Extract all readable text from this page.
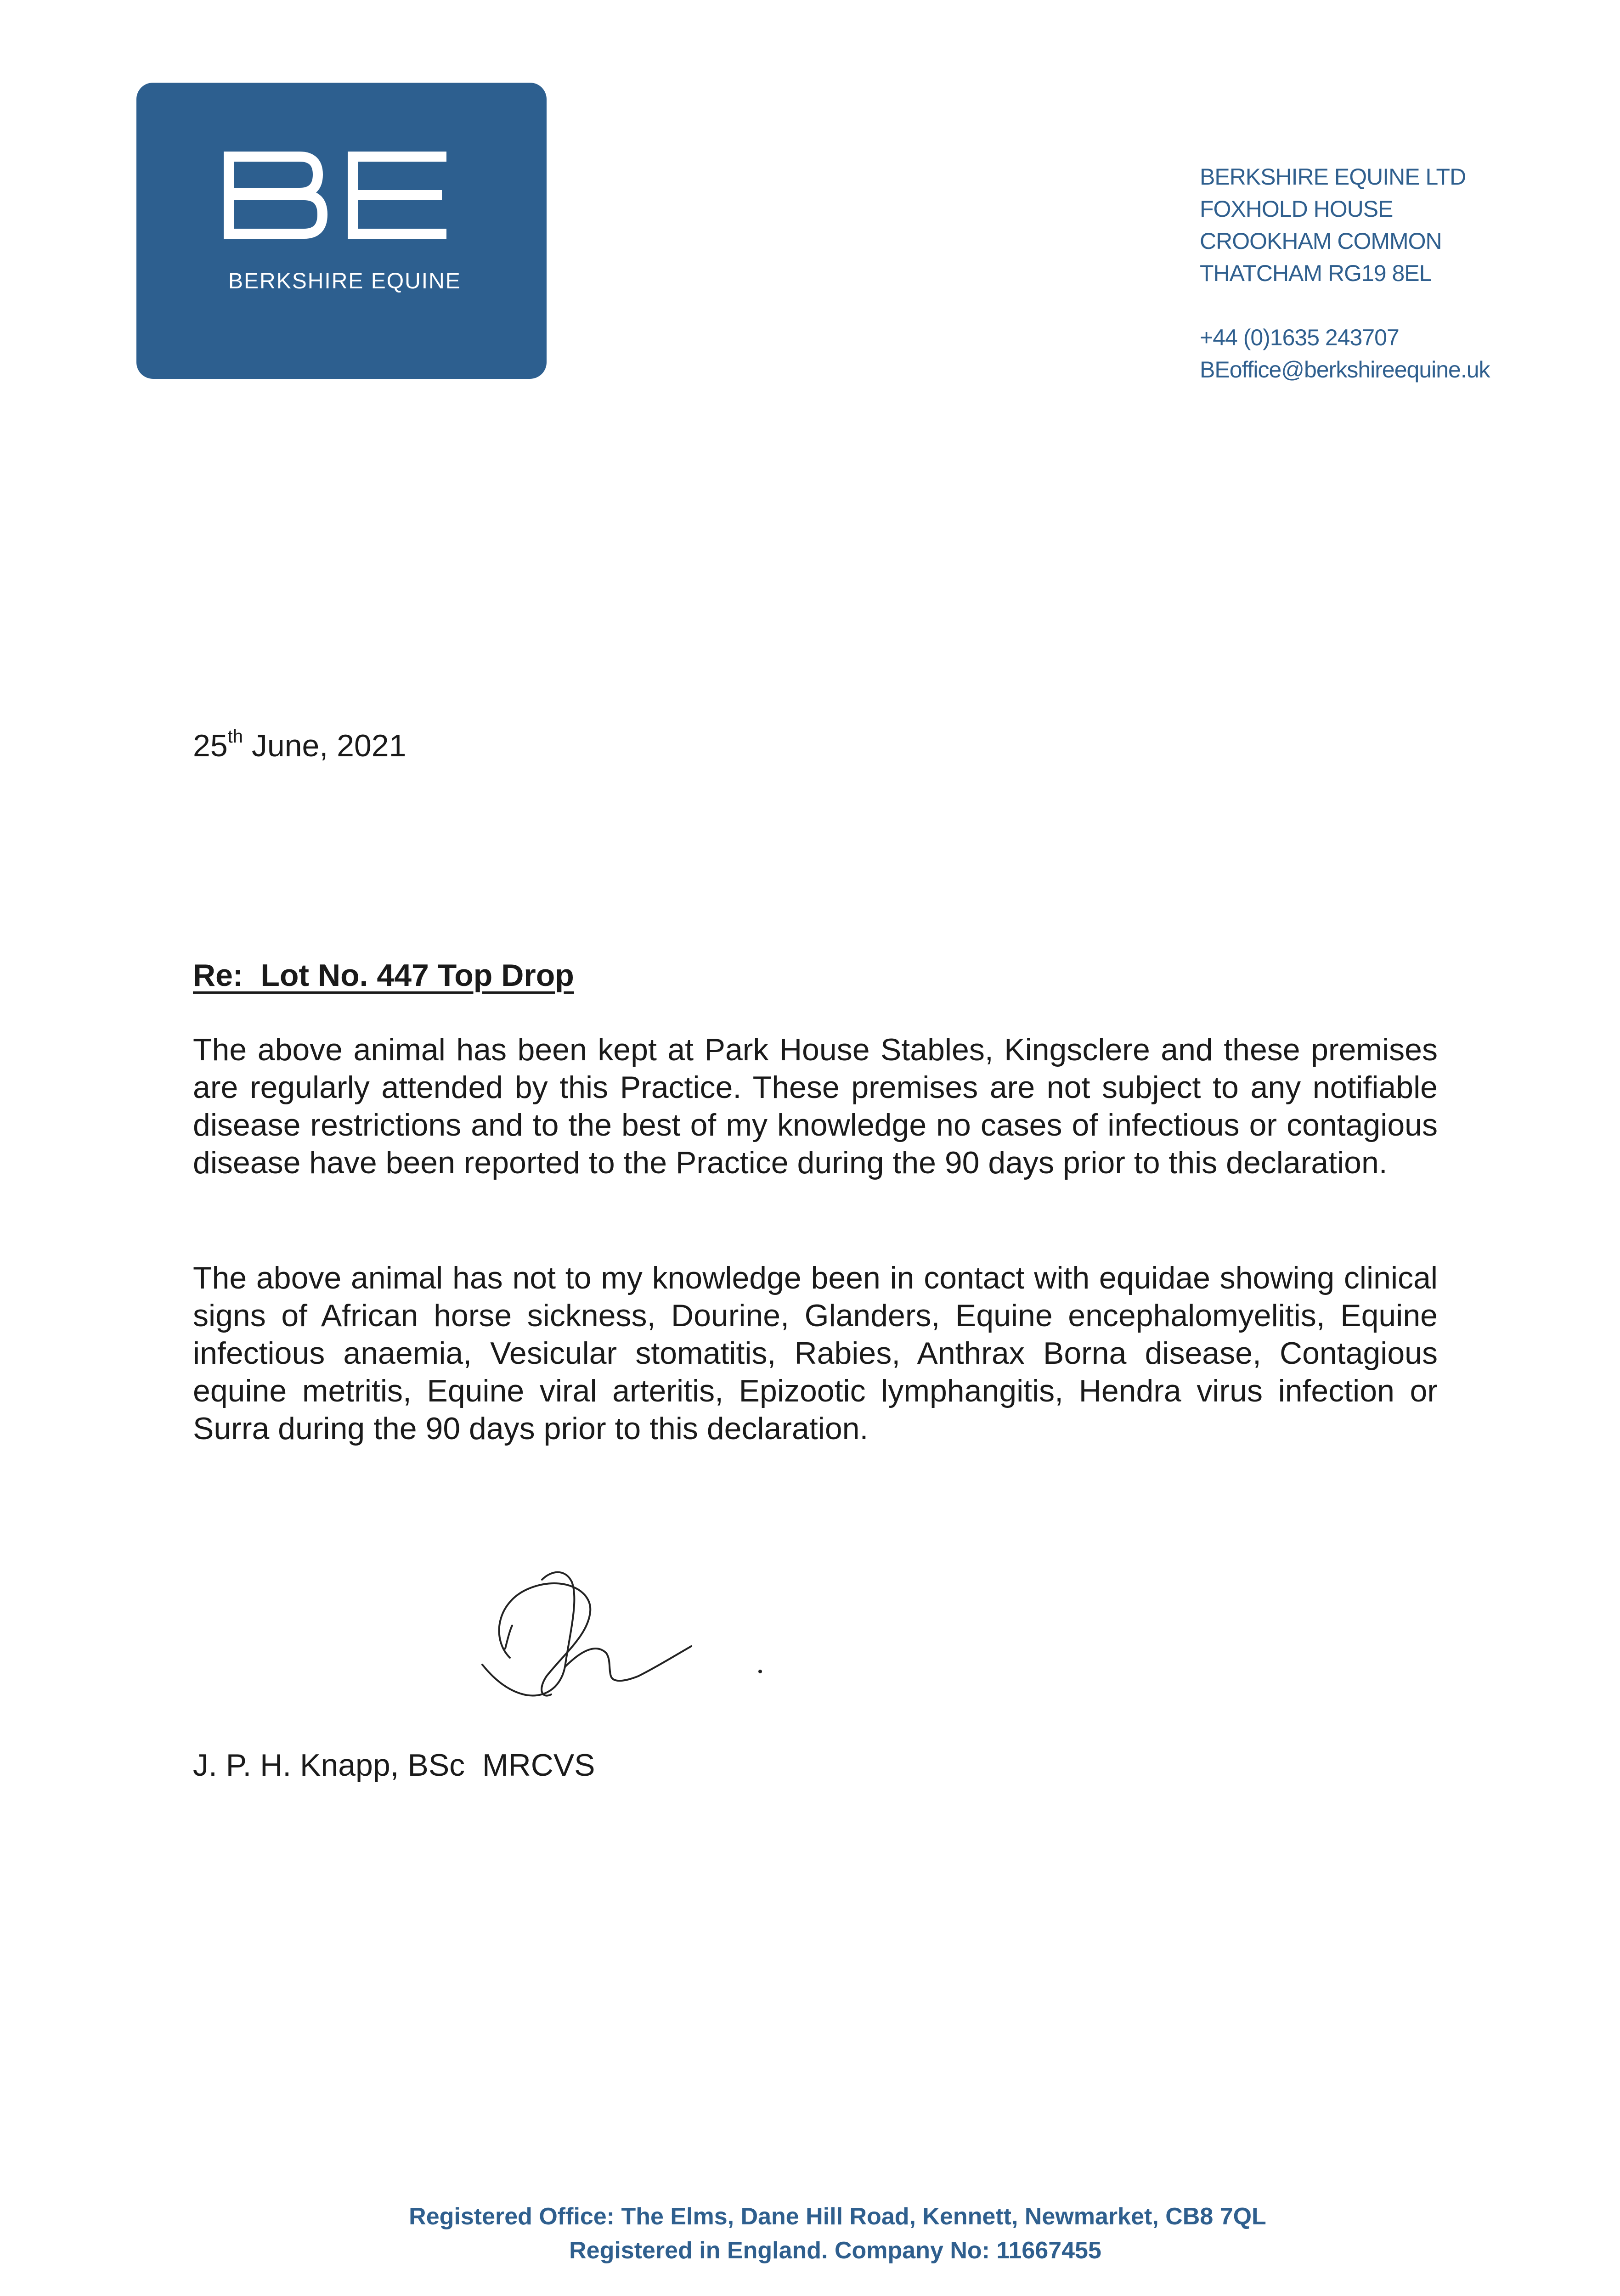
BERKSHIRE EQUINE
BERKSHIRE EQUINE LTD
FOXHOLD HOUSE
CROOKHAM COMMON
THATCHAM RG19 8EL
+44 (0)1635 243707
BEoffice@berkshireequine.uk
25th June, 2021
Re:  Lot No. 447 Top Drop
The above animal has been kept at Park House Stables, Kingsclere and these premises are regularly attended by this Practice. These premises are not subject to any notifiable disease restrictions and to the best of my knowledge no cases of infectious or contagious disease have been reported to the Practice during the 90 days prior to this declaration.
The above animal has not to my knowledge been in contact with equidae showing clinical signs of African horse sickness, Dourine, Glanders, Equine encephalomyelitis, Equine infectious anaemia, Vesicular stomatitis, Rabies, Anthrax Borna disease, Contagious equine metritis, Equine viral arteritis, Epizootic lymphangitis, Hendra virus infection or Surra during the 90 days prior to this declaration.
J. P. H. Knapp, BSc  MRCVS
Registered Office: The Elms, Dane Hill Road, Kennett, Newmarket, CB8 7QL
Registered in England. Company No: 11667455
